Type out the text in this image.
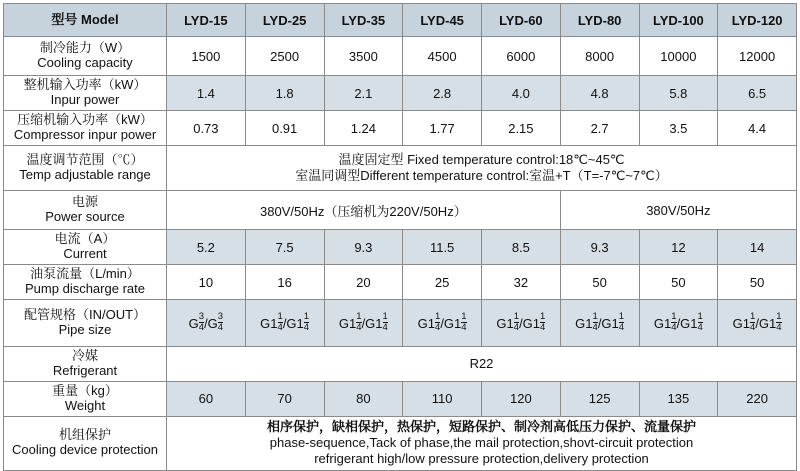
型号 Model	LYD-15	LYD-25	LYD-35	LYD-45	LYD-60	LYD-80	LYD-100	LYD-120

制冷能力（W）
Cooling capacity	1500	2500	3500	4500	6000	8000	10000	12000

整机输入功率（kW）
Inpur power	1.4	1.8	2.1	2.8	4.0	4.8	5.8	6.5

压缩机输入功率（kW）
Compressor inpur power	0.73	0.91	1.24	1.77	2.15	2.7	3.5	4.4

温度调节范围（℃）
Temp adjustable range	温度固定型 Fixed temperature control:18℃~45℃
室温同调型Different temperature control:室温+T（T=-7℃~7℃）							

电源
Power source	380V/50Hz（压缩机为220V/50Hz）					380V/50Hz		

电流（A）
Current	5.2	7.5	9.3	11.5	8.5	9.3	12	14

油泵流量（L/min）
Pump discharge rate	10	16	20	25	32	50	50	50

配管规格（IN/OUT）
Pipe size	G $\frac{3}{4} /G \frac{3}{4}$	$G1 \frac{1}{4} /G1 \frac{1}{4}$	$G1 \frac{1}{4} /G1 \frac{1}{4}$	$G1 \frac{1}{4} /G1 \frac{1}{4}$	$G1 \frac{1}{4} /G1 \frac{1}{4}$	$G1 \frac{1}{4} /G1 \frac{1}{4}$	$G1 \frac{1}{4} /G1 \frac{1}{4}$	$G1 \frac{1}{4} /G1 \frac{1}{4}$

冷媒
Refrigerant	R22							

重量（kg）
Weight	60	70	80	110	120	125	135	220

机组保护
Cooling device protection	相序保护，缺相保护，热保护，短路保护、制冷剂高低压力保护、流量保护
phase-sequence,Tack of phase,the mail protection,shovt-circuit protection
refrigerant high/low pressure protection,delivery protection							
